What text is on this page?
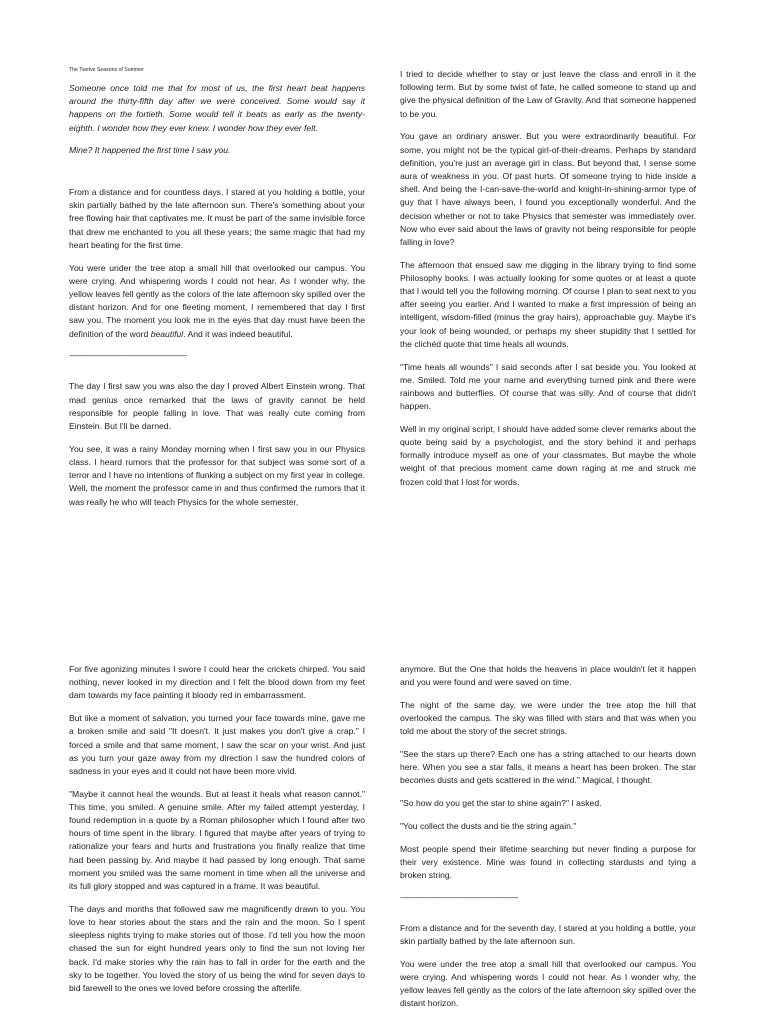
The Twelve Seasons of Summer

Someone once told me that for most of us, the first heart beat happens around the thirty-fifth day after we were conceived. Some would say it happens on the fortieth. Some would tell it beats as early as the twenty-eighth. I wonder how they ever knew. I wonder how they ever felt.

Mine? It happened the first time I saw you.

From a distance and for countless days, I stared at you holding a bottle, your skin partially bathed by the late afternoon sun. There's something about your free flowing hair that captivates me. It must be part of the same invisible force that drew me enchanted to you all these years; the same magic that had my heart beating for the first time.

You were under the tree atop a small hill that overlooked our campus. You were crying. And whispering words I could not hear. As I wonder why, the yellow leaves fell gently as the colors of the late afternoon sky spilled over the distant horizon. And for one fleeting moment, I remembered that day I first saw you. The moment you look me in the eyes that day must have been the definition of the word beautiful. And it was indeed beautiful.

--------------------------------------------------------------------

The day I first saw you was also the day I proved Albert Einstein wrong. That mad genius once remarked that the laws of gravity cannot be held responsible for people falling in love. That was really cute coming from Einstein. But I'll be darned.

You see, it was a rainy Monday morning when I first saw you in our Physics class. I heard rumors that the professor for that subject was some sort of a terror and I have no intentions of flunking a subject on my first year in college. Well, the moment the professor came in and thus confirmed the rumors that it was really he who will teach Physics for the whole semester,

I tried to decide whether to stay or just leave the class and enroll in it the following term. But by some twist of fate, he called someone to stand up and give the physical definition of the Law of Gravity. And that someone happened to be you.

You gave an ordinary answer. But you were extraordinarily beautiful. For some, you might not be the typical girl-of-their-dreams. Perhaps by standard definition, you're just an average girl in class. But beyond that, I sense some aura of weakness in you. Of past hurts. Of someone trying to hide inside a shell. And being the I-can-save-the-world and knight-in-shining-armor type of guy that I have always been, I found you exceptionally wonderful. And the decision whether or not to take Physics that semester was immediately over. Now who ever said about the laws of gravity not being responsible for people falling in love?

The afternoon that ensued saw me digging in the library trying to find some Philosophy books. I was actually looking for some quotes or at least a quote that I would tell you the following morning. Of course I plan to seat next to you after seeing you earlier. And I wanted to make a first impression of being an intelligent, wisdom-filled (minus the gray hairs), approachable guy. Maybe it's your look of being wounded, or perhaps my sheer stupidity that I settled for the clichéd quote that time heals all wounds.

"Time heals all wounds" I said seconds after I sat beside you. You looked at me. Smiled. Told me your name and everything turned pink and there were rainbows and butterflies. Of course that was silly. And of course that didn't happen.

Well in my original script, I should have added some clever remarks about the quote being said by a psychologist, and the story behind it and perhaps formally introduce myself as one of your classmates. But maybe the whole weight of that precious moment came down raging at me and struck me frozen cold that I lost for words.

For five agonizing minutes I swore I could hear the crickets chirped. You said nothing, never looked in my direction and I felt the blood down from my feet dam towards my face painting it bloody red in embarrassment.

But like a moment of salvation, you turned your face towards mine, gave me a broken smile and said "It doesn't. It just makes you don't give a crap." I forced a smile and that same moment, I saw the scar on your wrist. And just as you turn your gaze away from my direction I saw the hundred colors of sadness in your eyes and it could not have been more vivid.

"Maybe it cannot heal the wounds. But at least it heals what reason cannot." This time, you smiled. A genuine smile. After my failed attempt yesterday, I found redemption in a quote by a Roman philosopher which I found after two hours of time spent in the library. I figured that maybe after years of trying to rationalize your fears and hurts and frustrations you finally realize that time had been passing by. And maybe it had passed by long enough. That same moment you smiled was the same moment in time when all the universe and its full glory stopped and was captured in a frame. It was beautiful.

The days and months that followed saw me magnificently drawn to you. You love to hear stories about the stars and the rain and the moon. So I spent sleepless nights trying to make stories out of those. I'd tell you how the moon chased the sun for eight hundred years only to find the sun not loving her back. I'd make stories why the rain has to fall in order for the earth and the sky to be together. You loved the story of us being the wind for seven days to bid farewell to the ones we loved before crossing the afterlife.

anymore. But the One that holds the heavens in place wouldn't let it happen and you were found and were saved on time.

The night of the same day, we were under the tree atop the hill that overlooked the campus. The sky was filled with stars and that was when you told me about the story of the secret strings.

"See the stars up there? Each one has a string attached to our hearts down here. When you see a star falls, it means a heart has been broken. The star becomes dusts and gets scattered in the wind." Magical, I thought.

"So how do you get the star to shine again?" I asked.

"You collect the dusts and tie the string again."

Most people spend their lifetime searching but never finding a purpose for their very existence. Mine was found in collecting stardusts and tying a broken string.

--------------------------------------------------------------------

From a distance and for the seventh day, I stared at you holding a bottle, your skin partially bathed by the late afternoon sun.

You were under the tree atop a small hill that overlooked our campus. You were crying. And whispering words I could not hear. As I wonder why, the yellow leaves fell gently as the colors of the late afternoon sky spilled over the distant horizon.
